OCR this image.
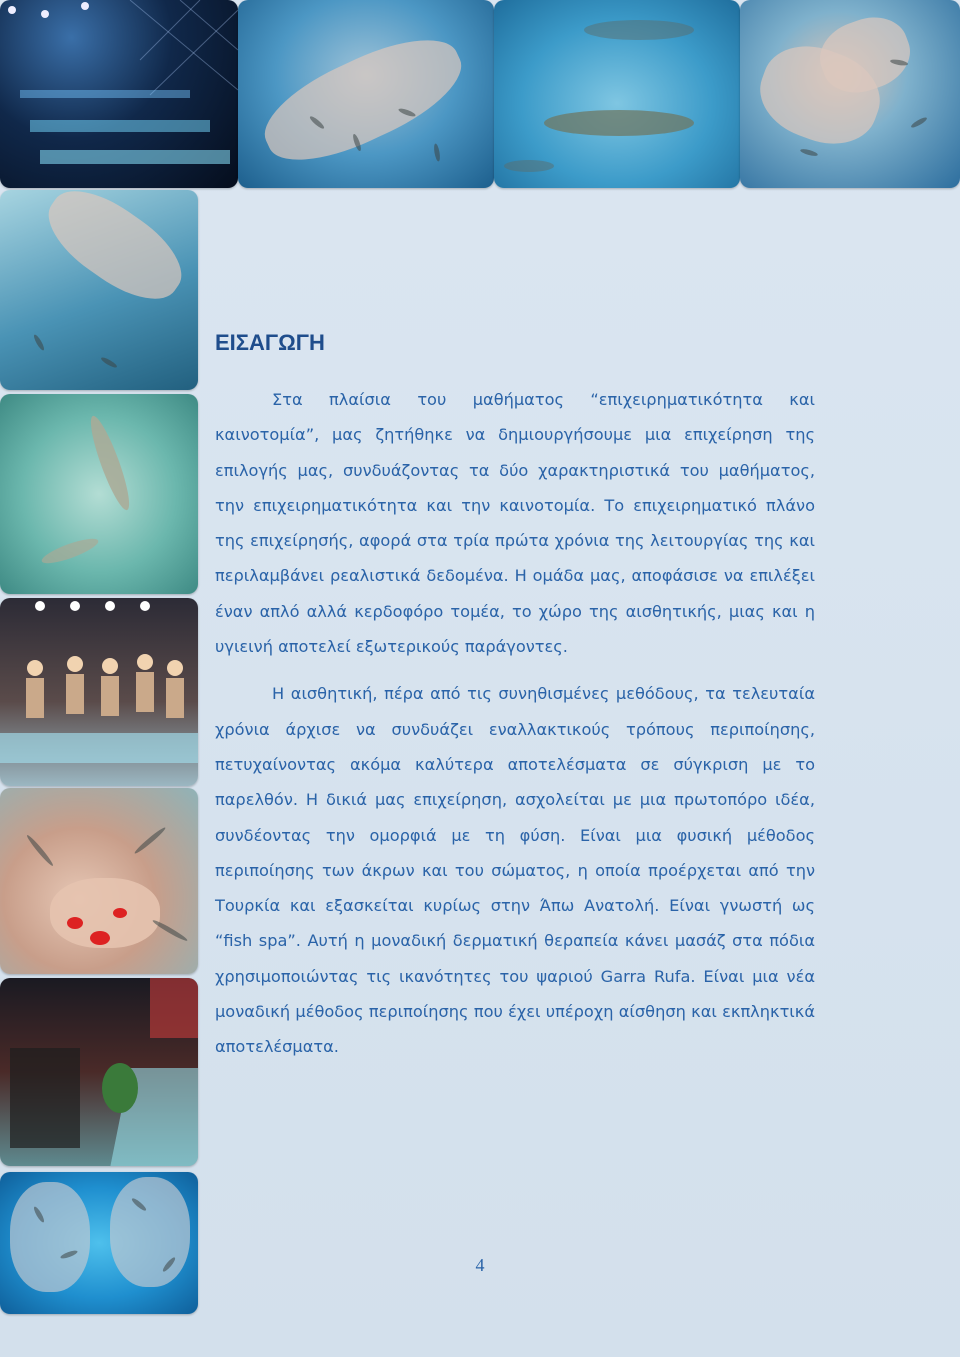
ΕΙΣΑΓΩΓΗ

Στα πλαίσια του μαθήματος “επιχειρηματικότητα και καινοτομία”, μας ζητήθηκε να δημιουργήσουμε μια επιχείρηση της επιλογής μας, συνδυάζοντας τα δύο χαρακτηριστικά του μαθήματος, την επιχειρηματικότητα και την καινοτομία. Το επιχειρηματικό πλάνο της επιχείρησής, αφορά στα τρία πρώτα χρόνια της λειτουργίας της και περιλαμβάνει ρεαλιστικά δεδομένα. Η ομάδα μας, αποφάσισε να επιλέξει έναν απλό αλλά κερδοφόρο τομέα, το χώρο της αισθητικής, μιας και η υγιεινή αποτελεί εξωτερικούς παράγοντες.

Η αισθητική, πέρα από τις συνηθισμένες μεθόδους, τα τελευταία χρόνια άρχισε να συνδυάζει εναλλακτικούς τρόπους περιποίησης, πετυχαίνοντας ακόμα καλύτερα αποτελέσματα σε σύγκριση με το παρελθόν. Η δικιά μας επιχείρηση, ασχολείται με μια πρωτοπόρο ιδέα, συνδέοντας την ομορφιά με τη φύση. Είναι μια φυσική μέθοδος περιποίησης των άκρων και του σώματος, η οποία προέρχεται από την Τουρκία και εξασκείται κυρίως στην Άπω Ανατολή. Είναι γνωστή ως “fish spa”. Αυτή η μοναδική δερματική θεραπεία κάνει μασάζ στα πόδια χρησιμοποιώντας τις ικανότητες του ψαριού Garra Rufa. Είναι μια νέα μοναδική μέθοδος περιποίησης που έχει υπέροχη αίσθηση και εκπληκτικά αποτελέσματα.

4
